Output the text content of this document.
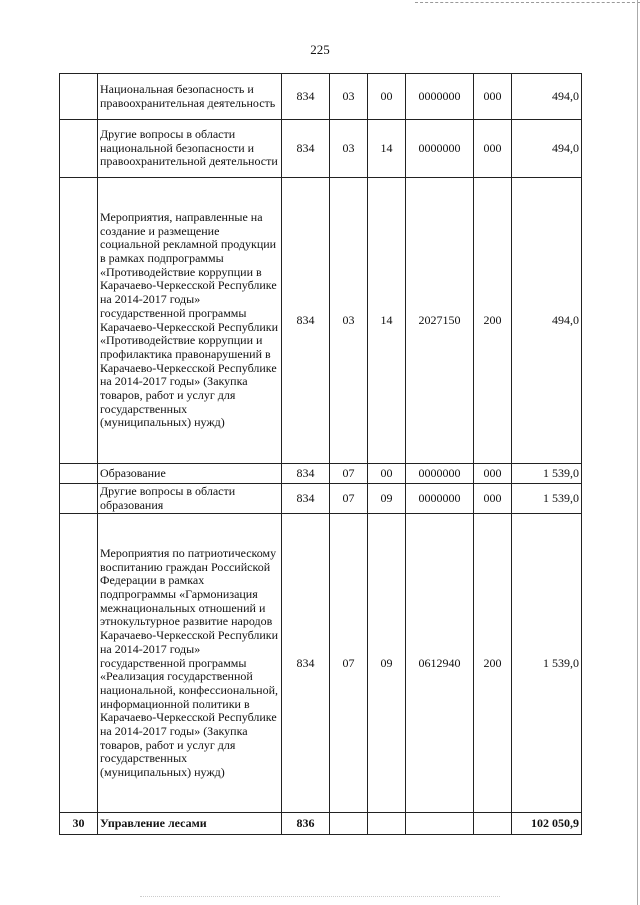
225
	Национальная безопасность и правоохранительная деятельность	834	03	00	0000000	000	494,0
	Другие вопросы в области национальной безопасности и правоохранительной деятельности	834	03	14	0000000	000	494,0
	Мероприятия, направленные на создание и размещение социальной рекламной продукции в рамках подпрограммы «Противодействие коррупции в Карачаево-Черкесской Республике на 2014-2017 годы» государственной программы Карачаево-Черкесской Республики «Противодействие коррупции и профилактика правонарушений в Карачаево-Черкесской Республике на 2014-2017 годы» (Закупка товаров, работ и услуг для государственных (муниципальных) нужд)	834	03	14	2027150	200	494,0
	Образование	834	07	00	0000000	000	1 539,0
	Другие вопросы в области образования	834	07	09	0000000	000	1 539,0
	Мероприятия по патриотическому воспитанию граждан Российской Федерации в рамках подпрограммы «Гармонизация межнациональных отношений и этнокультурное развитие народов Карачаево-Черкесской Республики на 2014-2017 годы» государственной программы «Реализация государственной национальной, конфессиональной, информационной политики в Карачаево-Черкесской Республике на 2014-2017 годы» (Закупка товаров, работ и услуг для государственных (муниципальных) нужд)	834	07	09	0612940	200	1 539,0
30	Управление лесами	836					102 050,9
